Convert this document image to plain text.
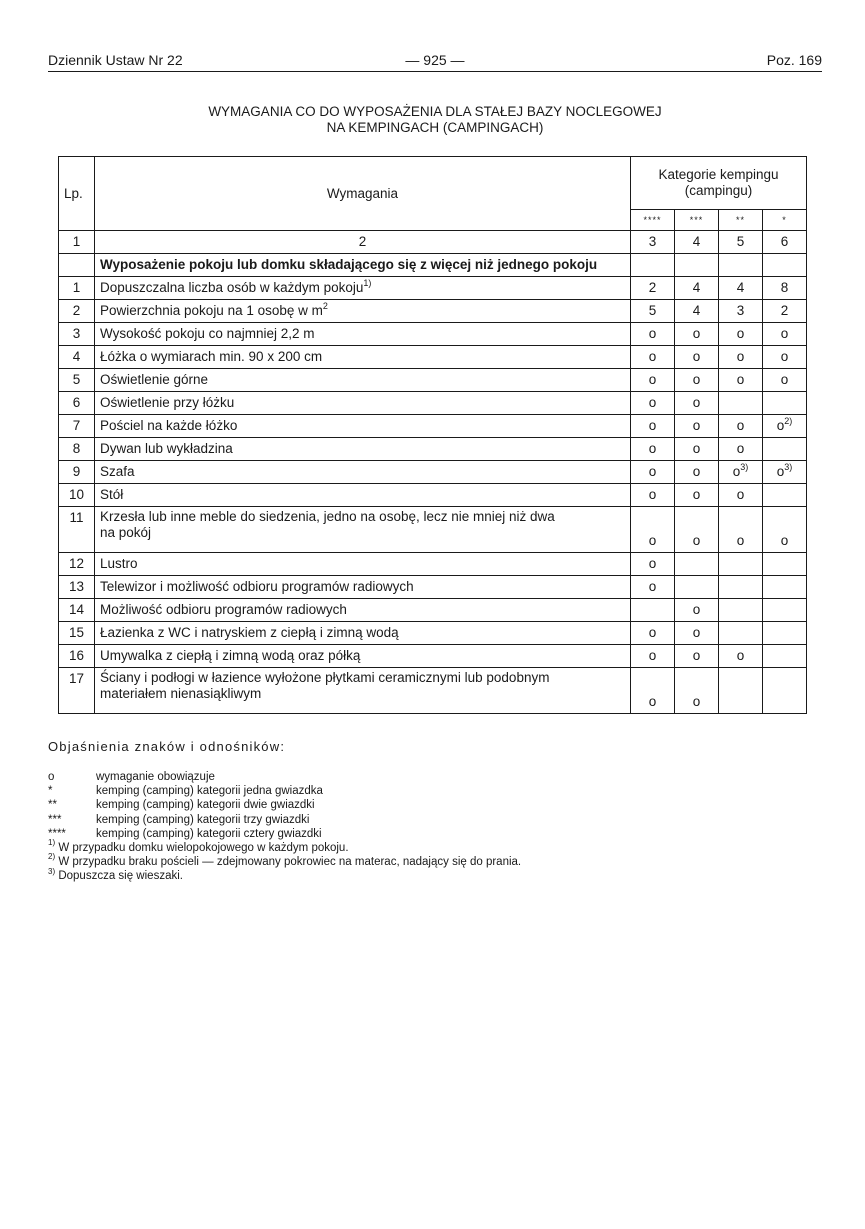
Dziennik Ustaw Nr 22	— 925 —	Poz. 169
WYMAGANIA CO DO WYPOSAŻENIA DLA STAŁEJ BAZY NOCLEGOWEJ
NA KEMPINGACH (CAMPINGACH)
Lp.	Wymagania	Kategorie kempingu
(campingu)			

		****	***	**	*
1	2	3	4	5	6
	Wyposażenie pokoju lub domku składającego się z więcej niż jednego pokoju				
1	Dopuszczalna liczba osób w każdym pokoju$^{1)}$	2	4	4	8
2	Powierzchnia pokoju na 1 osobę w $m^2$	5	4	3	2
3	Wysokość pokoju co najmniej 2,2 m	o	o	o	o
4	Łóżka o wymiarach min. 90 x 200 cm	o	o	o	o
5	Oświetlenie górne	o	o	o	o
6	Oświetlenie przy łóżku	o	o		
7	Pościel na każde łóżko	o	o	o	$o^{2)}$
8	Dywan lub wykładzina	o	o	o	
9	Szafa	o	o	$o^{3)}$	$o^{3)}$
10	Stół	o	o	o	
11	Krzesła lub inne meble do siedzenia, jedno na osobę, lecz nie mniej niż dwa
na pokój	o	o	o	o
12	Lustro	o			
13	Telewizor i możliwość odbioru programów radiowych	o			
14	Możliwość odbioru programów radiowych		o		
15	Łazienka z WC i natryskiem z ciepłą i zimną wodą	o	o		
16	Umywalka z ciepłą i zimną wodą oraz półką	o	o	o	
17	Ściany i podłogi w łazience wyłożone płytkami ceramicznymi lub podobnym
materiałem nienasiąkliwym	o	o		
Objaśnienia znaków i odnośników:
o	wymaganie obowiązuje
*	kemping (camping) kategorii jedna gwiazdka
**	kemping (camping) kategorii dwie gwiazdki
***	kemping (camping) kategorii trzy gwiazdki
****	kemping (camping) kategorii cztery gwiazdki
$^{1)}$ W przypadku domku wielopokojowego w każdym pokoju.
$^{2)}$ W przypadku braku pościeli — zdejmowany pokrowiec na materac, nadający się do prania.
$^{3)}$ Dopuszcza się wieszaki.
